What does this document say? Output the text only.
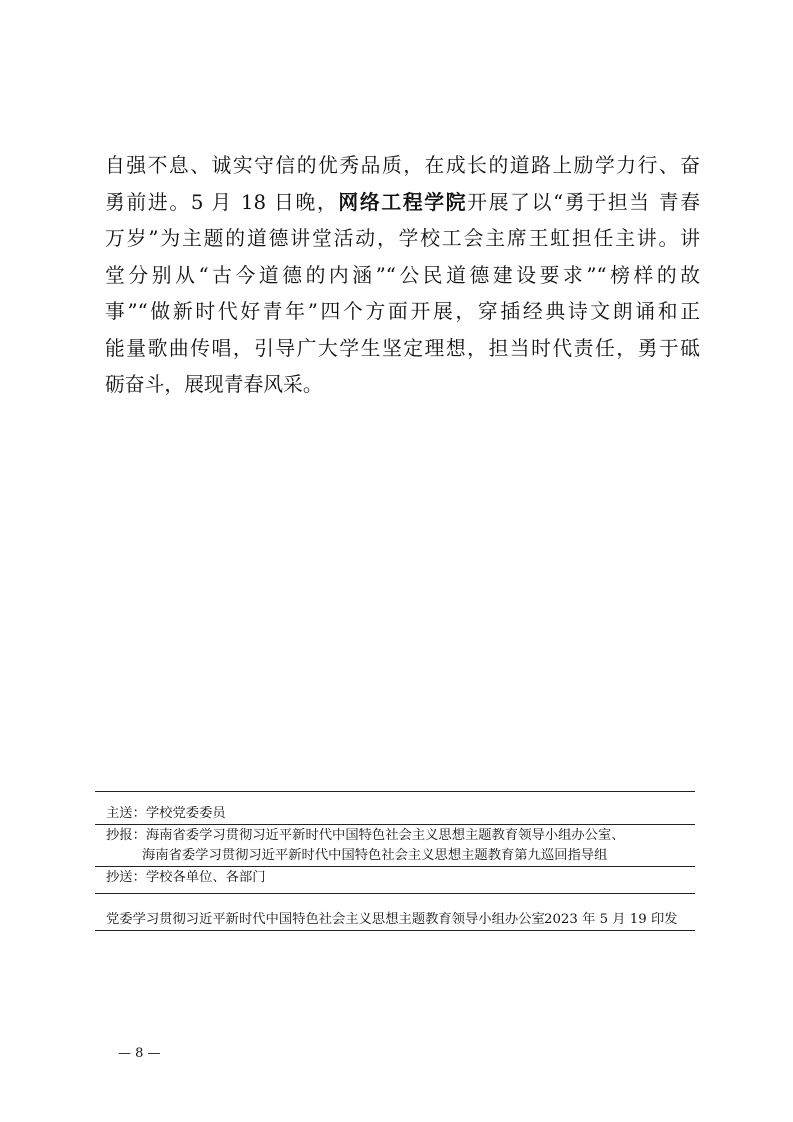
自强不息、诚实守信的优秀品质，在成长的道路上励学力行、奋
勇前进。5 月 18 日晚，网络工程学院开展了以“勇于担当 青春
万岁”为主题的道德讲堂活动，学校工会主席王虹担任主讲。讲
堂分别从“古今道德的内涵”“公民道德建设要求”“榜样的故
事”“做新时代好青年”四个方面开展，穿插经典诗文朗诵和正
能量歌曲传唱，引导广大学生坚定理想，担当时代责任，勇于砥
砺奋斗，展现青春风采。
主送：学校党委委员
抄报：海南省委学习贯彻习近平新时代中国特色社会主义思想主题教育领导小组办公室、
海南省委学习贯彻习近平新时代中国特色社会主义思想主题教育第九巡回指导组
抄送：学校各单位、各部门
党委学习贯彻习近平新时代中国特色社会主义思想主题教育领导小组办公室 2023 年 5 月 19 印发
— 8 —
